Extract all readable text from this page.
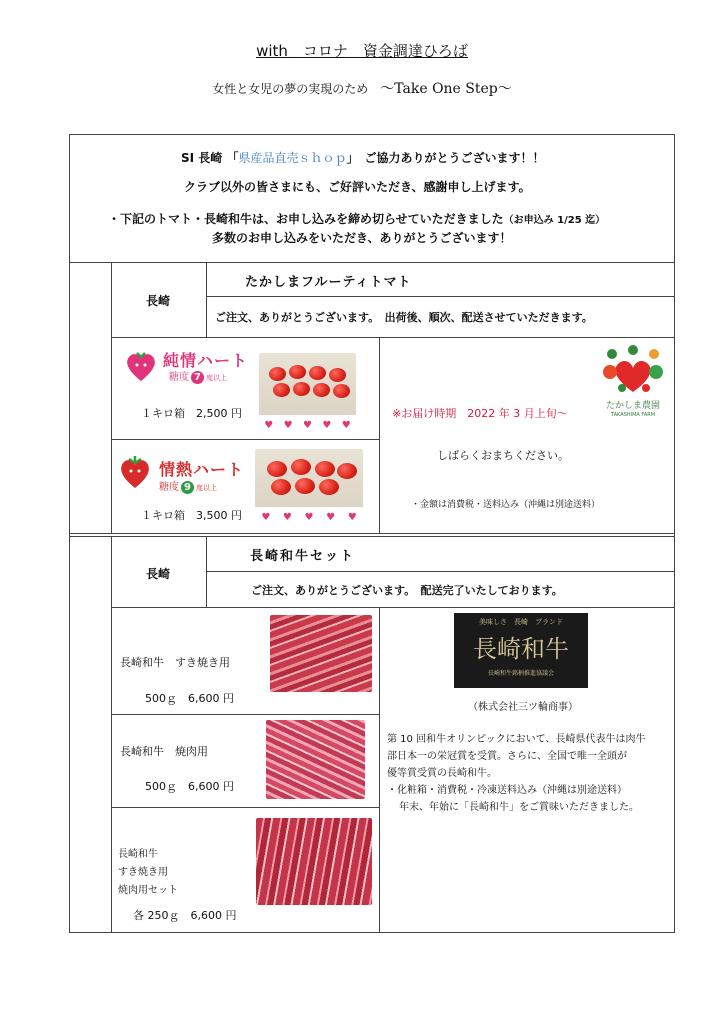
with　 コロナ　資金調達ひろば
女性と女児の夢の実現のため　～Take One Step～
SI 長崎 「県産品直売ｓｈｏｐ」　ご協力ありがとうございます！！
クラブ以外の皆さまにも、ご好評いただき、感謝申し上げます。
・下記のトマト・長崎和牛は、お申し込みを締め切らせていただきました（お申込み 1/25 迄）
多数のお申し込みをいただき、ありがとうございます！
長崎
たかしまフルーティトマト
ご注文、ありがとうございます。　出荷後、順次、配送させていただきます。
純情ハート
糖度 7 度以上
１キロ箱　2,500 円
♥ ♥ ♥ ♥ ♥
情熱ハート
糖度 9 度以上
１キロ箱　3,500 円 ♥ ♥ ♥ ♥ ♥
※お届け時期　2022 年 3 月上旬～
しばらくおまちください。
・金額は消費税・送料込み（沖縄は別途送料）
たかしま農園
TAKASHIMA FARM
長崎
長崎和牛セット
ご注文、ありがとうございます。　配送完了いたしております。
長崎和牛　すき焼き用
500ｇ　6,600 円
長崎和牛　焼肉用
500ｇ　6,600 円
長崎和牛
すき焼き用
焼肉用セット
各 250ｇ　6,600 円
美味しさ　長崎　ブランド
長崎和牛
長崎和牛銘柄推進協議会
（株式会社三ツ輪商事）
第 10 回和牛オリンピックにおいて、長崎県代表牛は肉牛
部日本一の栄冠賞を受賞。さらに、全国で唯一全頭が
優等賞受賞の長崎和牛。
・化粧箱・消費税・冷凍送料込み（沖縄は別途送料）
年末、年始に「長崎和牛」をご賞味いただきました。
